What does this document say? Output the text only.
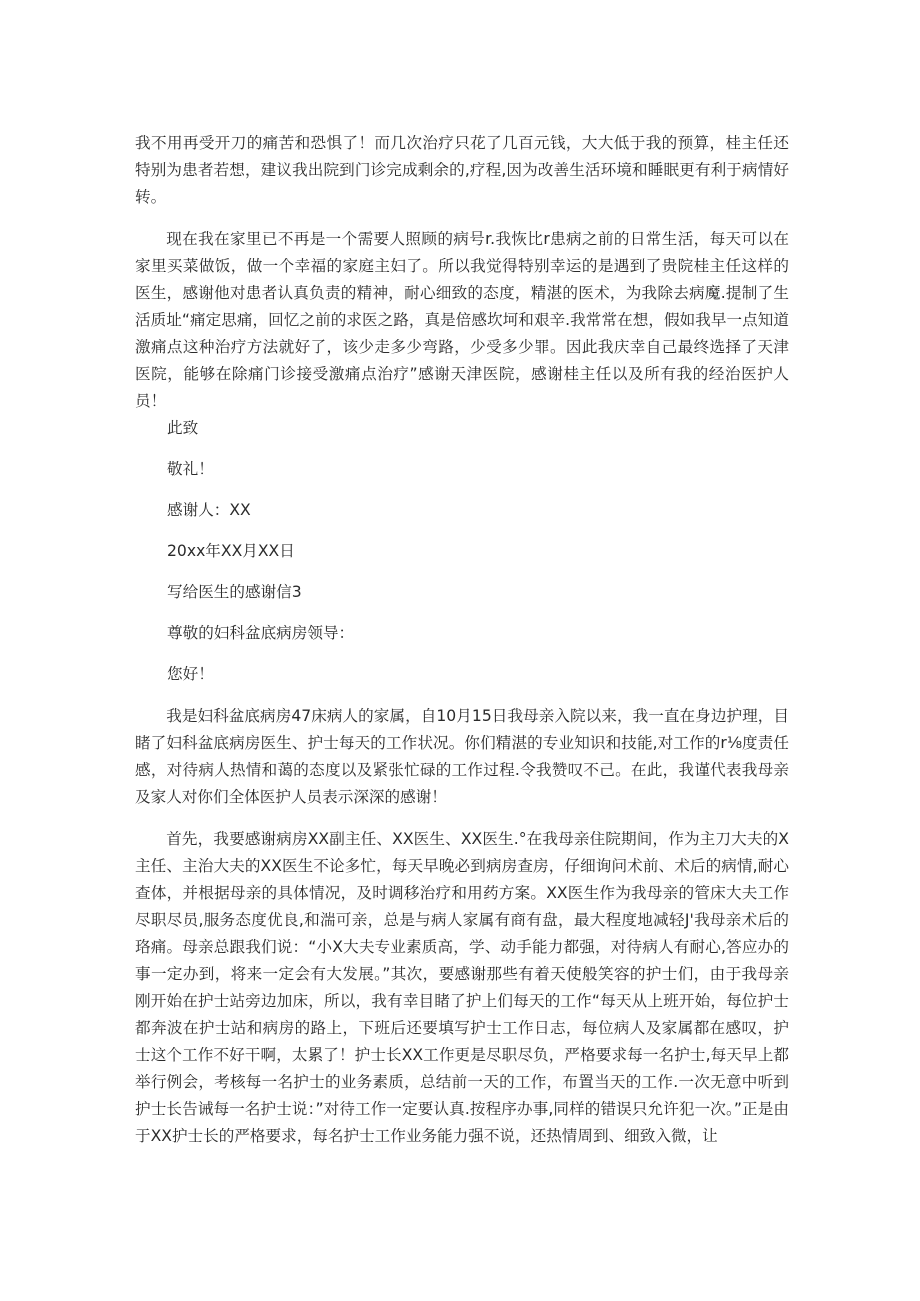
我不用再受开刀的痛苦和恐惧了！而几次治疗只花了几百元钱，大大低于我的预算，桂主任还特别为患者若想，建议我出院到门诊完成剩余的,疗程,因为改善生活环境和睡眠更有利于病情好转。

现在我在家里已不再是一个需要人照顾的病号r.我恢比r患病之前的日常生活，每天可以在家里买菜做饭，做一个幸福的家庭主妇了。所以我觉得特别幸运的是遇到了贵院桂主任这样的医生，感谢他对患者认真负责的精神，耐心细致的态度，精湛的医术，为我除去病魔.提制了生活质址“痛定思痛，回忆之前的求医之路，真是倍感坎坷和艰辛.我常常在想，假如我早一点知道激痛点这种治疗方法就好了，该少走多少弯路，少受多少罪。因此我庆幸自己最终选择了天津医院，能够在除痛门诊接受激痛点治疗”感谢天津医院，感谢桂主任以及所有我的经治医护人员！

此致

敬礼！

感谢人：XX

20xx年XX月XX日

写给医生的感谢信3

尊敬的妇科盆底病房领导：

您好！

我是妇科盆底病房47床病人的家属，自10月15日我母亲入院以来，我一直在身边护理，目睹了妇科盆底病房医生、护士每天的工作状况。你们精湛的专业知识和技能,对工作的r⅛度责任感，对待病人热情和蔼的态度以及紧张忙碌的工作过程.令我赞叹不己。在此，我谨代表我母亲及家人对你们全体医护人员表示深深的感谢！

首先，我要感谢病房XX副主任、XX医生、XX医生.°在我母亲住院期间，作为主刀大夫的X主任、主治大夫的XX医生不论多忙，每天早晚必到病房查房，仔细询问术前、术后的病情,耐心查体，并根据母亲的具体情况，及时调移治疗和用药方案。XX医生作为我母亲的管床大夫工作尽职尽员,服务态度优良,和湍可亲，总是与病人家属有商有盘，最大程度地减轻J'我母亲术后的珞痛。母亲总跟我们说：“小X大夫专业素质高，学、动手能力都强，对待病人有耐心,答应办的事一定办到，将来一定会有大发展。”其次，要感谢那些有着天使般笑容的护士们，由于我母亲刚开始在护士站旁边加床，所以，我有幸目睹了护上们每天的工作“每天从上班开始，每位护士都奔波在护士站和病房的路上，下班后还要填写护士工作日志，每位病人及家属都在感叹，护士这个工作不好干啊，太累了！护士长XX工作更是尽职尽负，严格要求每一名护士,每天早上都举行例会，考核每一名护士的业务素质，总结前一天的工作，布置当天的工作.一次无意中听到护士长告诫每一名护士说：”对待工作一定要认真.按程序办事,同样的错误只允许犯一次。”正是由于XX护士长的严格要求，每名护士工作业务能力强不说，还热情周到、细致入微，让
